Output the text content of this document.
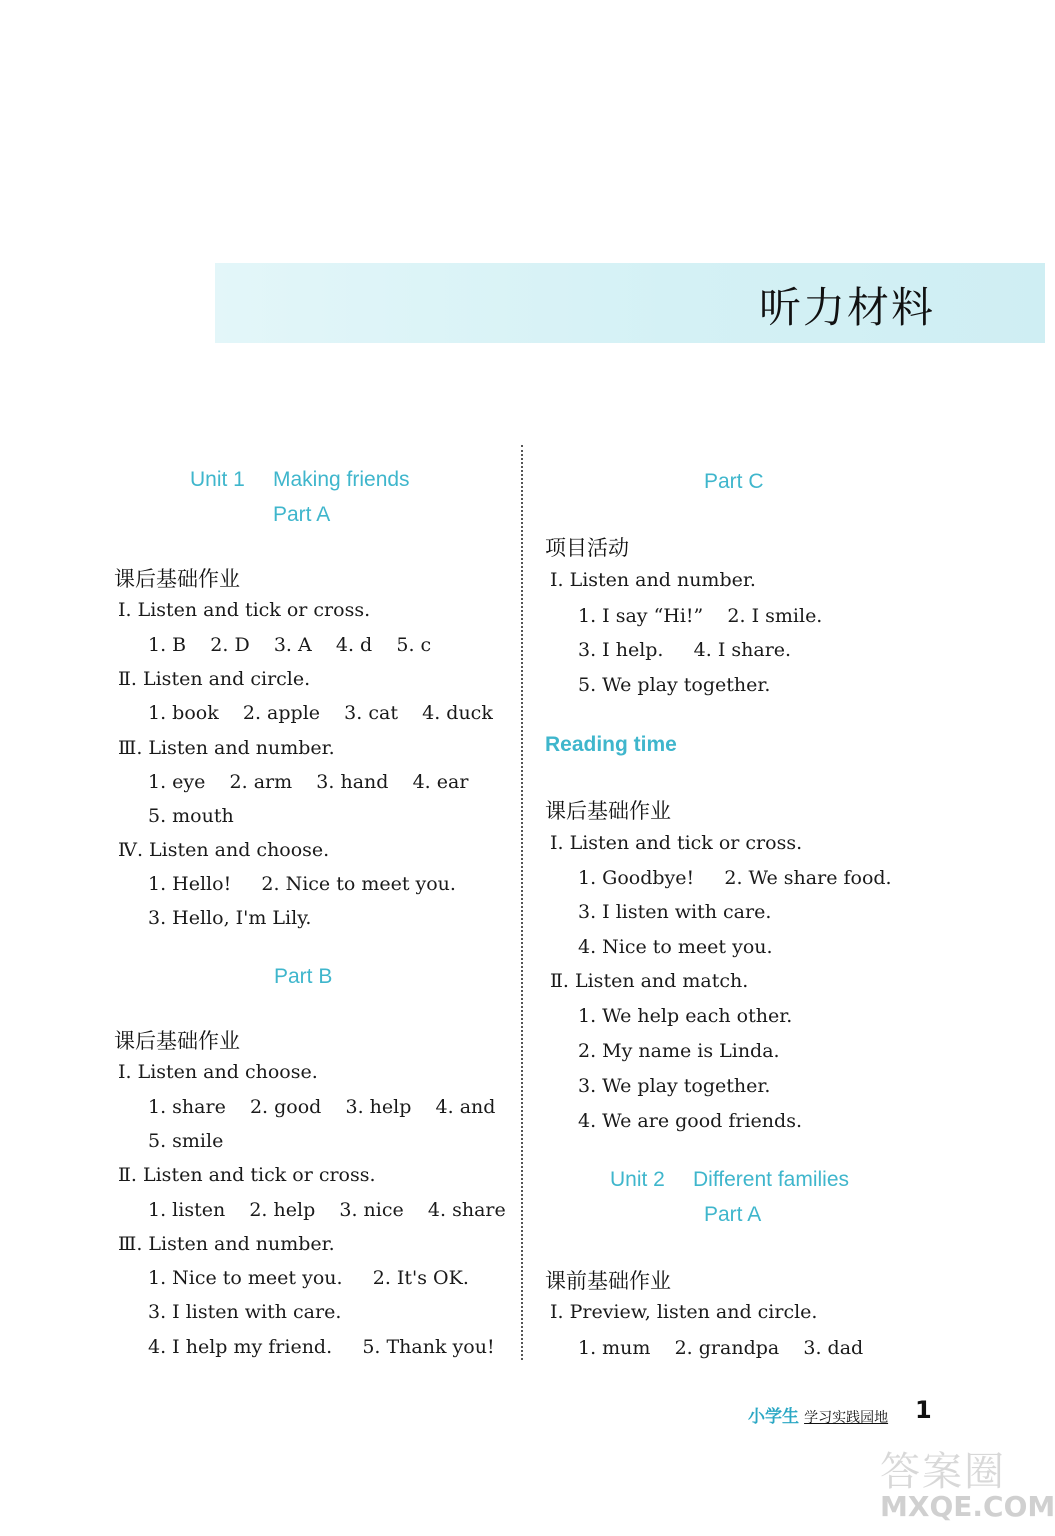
听力材料
Unit 1 Making friends
Part A
课后基础作业
Ⅰ. Listen and tick or cross.
1. B    2. D    3. A    4. d    5. c
Ⅱ. Listen and circle.
1. book    2. apple    3. cat    4. duck
Ⅲ. Listen and number.
1. eye    2. arm    3. hand    4. ear
5. mouth
Ⅳ. Listen and choose.
1. Hello!     2. Nice to meet you.
3. Hello, I'm Lily.
Part B
课后基础作业
Ⅰ. Listen and choose.
1. share    2. good    3. help    4. and
5. smile
Ⅱ. Listen and tick or cross.
1. listen    2. help    3. nice    4. share
Ⅲ. Listen and number.
1. Nice to meet you.     2. It's OK.
3. I listen with care.
4. I help my friend.     5. Thank you!
Part C
项目活动
Ⅰ. Listen and number.
1. I say “Hi!”    2. I smile.
3. I help.     4. I share.
5. We play together.
Reading time
课后基础作业
Ⅰ. Listen and tick or cross.
1. Goodbye!     2. We share food.
3. I listen with care.
4. Nice to meet you.
Ⅱ. Listen and match.
1. We help each other.
2. My name is Linda.
3. We play together.
4. We are good friends.
Unit 2 Different families
Part A
课前基础作业
Ⅰ. Preview, listen and circle.
1. mum    2. grandpa    3. dad
小学生 学习实践园地 1
答案圈
MXQE.COM
